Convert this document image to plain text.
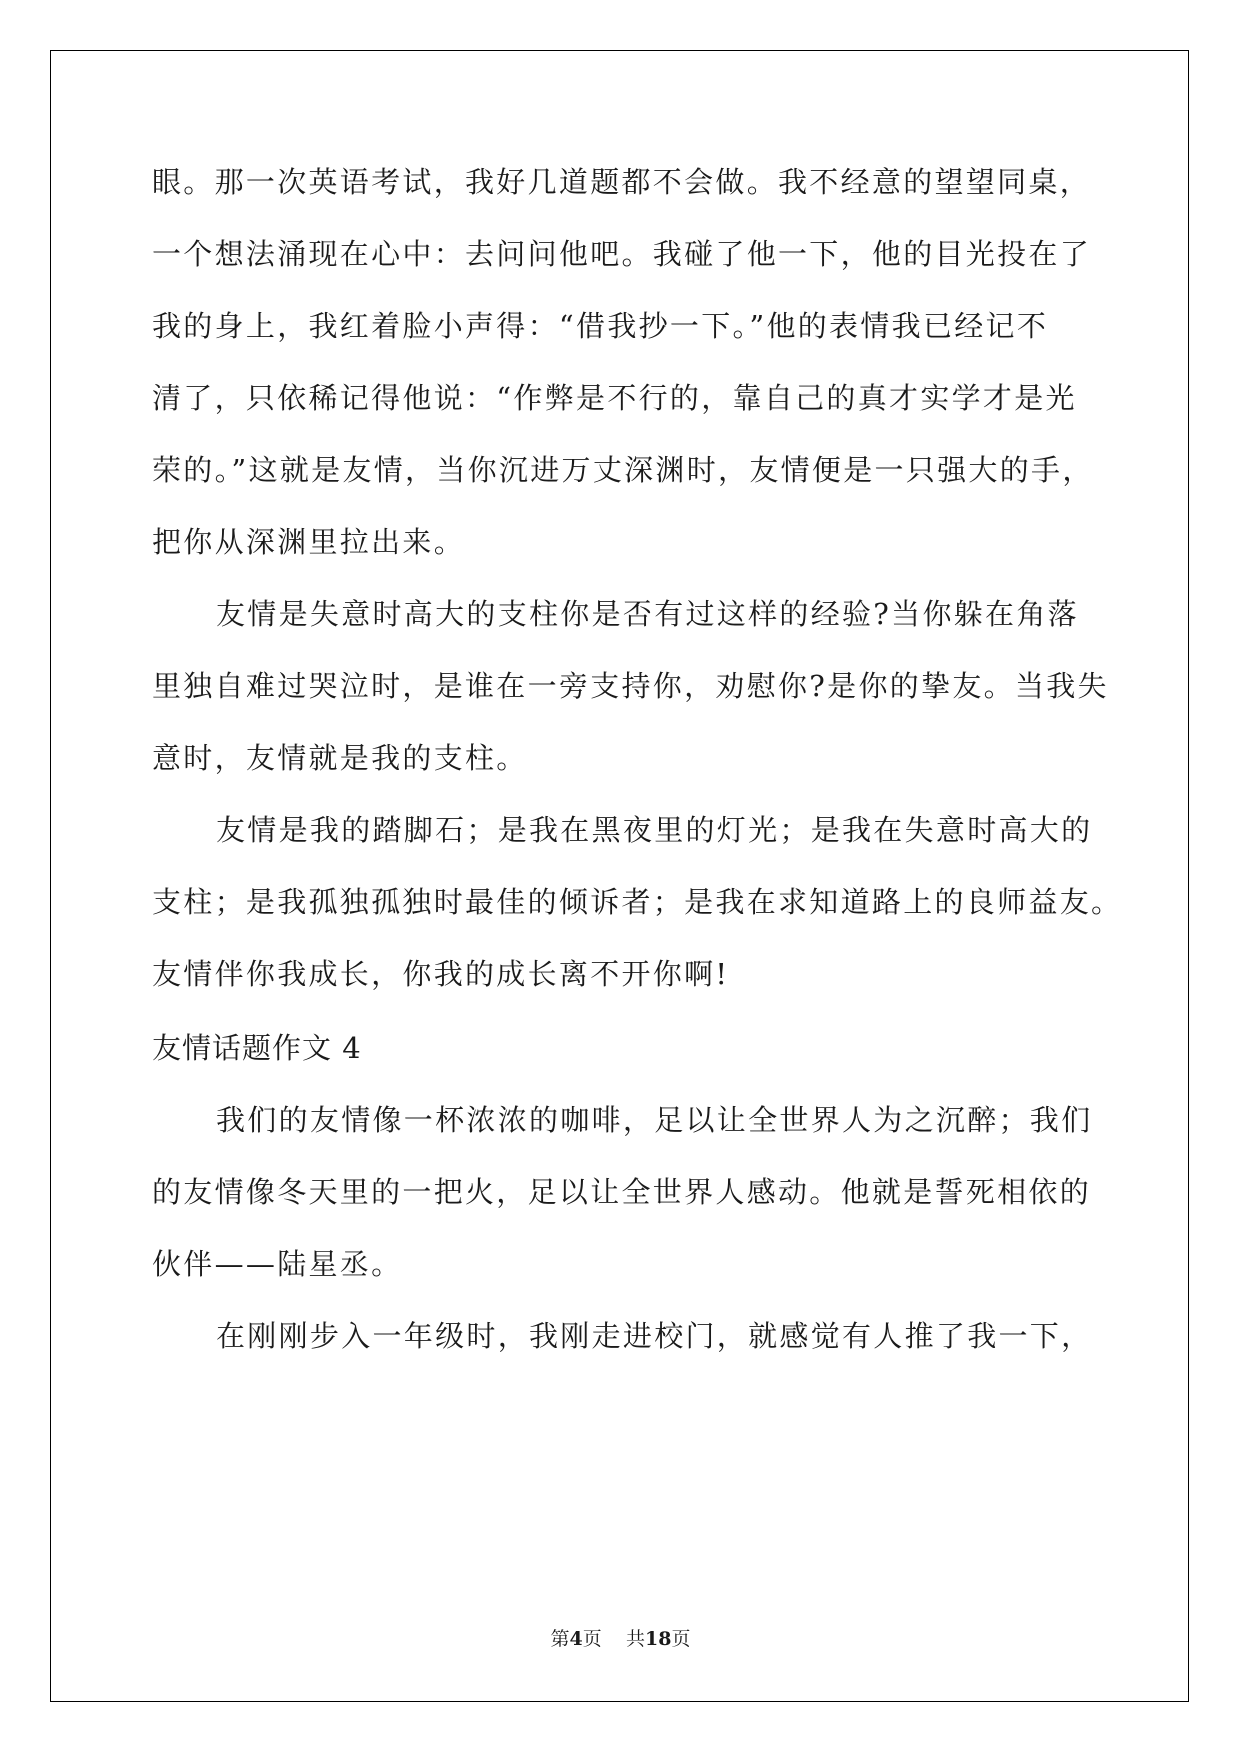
眼。那一次英语考试，我好几道题都不会做。我不经意的望望同桌，
一个想法涌现在心中：去问问他吧。我碰了他一下，他的目光投在了
我的身上，我红着脸小声得：“借我抄一下。”他的表情我已经记不
清了，只依稀记得他说：“作弊是不行的，靠自己的真才实学才是光
荣的。”这就是友情，当你沉进万丈深渊时，友情便是一只强大的手，
把你从深渊里拉出来。
友情是失意时高大的支柱你是否有过这样的经验?当你躲在角落
里独自难过哭泣时，是谁在一旁支持你，劝慰你?是你的挚友。当我失
意时，友情就是我的支柱。
友情是我的踏脚石；是我在黑夜里的灯光；是我在失意时高大的
支柱；是我孤独孤独时最佳的倾诉者；是我在求知道路上的良师益友。
友情伴你我成长，你我的成长离不开你啊!
友情话题作文 4
我们的友情像一杯浓浓的咖啡，足以让全世界人为之沉醉；我们
的友情像冬天里的一把火，足以让全世界人感动。他就是誓死相依的
伙伴——陆星丞。
在刚刚步入一年级时，我刚走进校门，就感觉有人推了我一下，
第4页 共18页
